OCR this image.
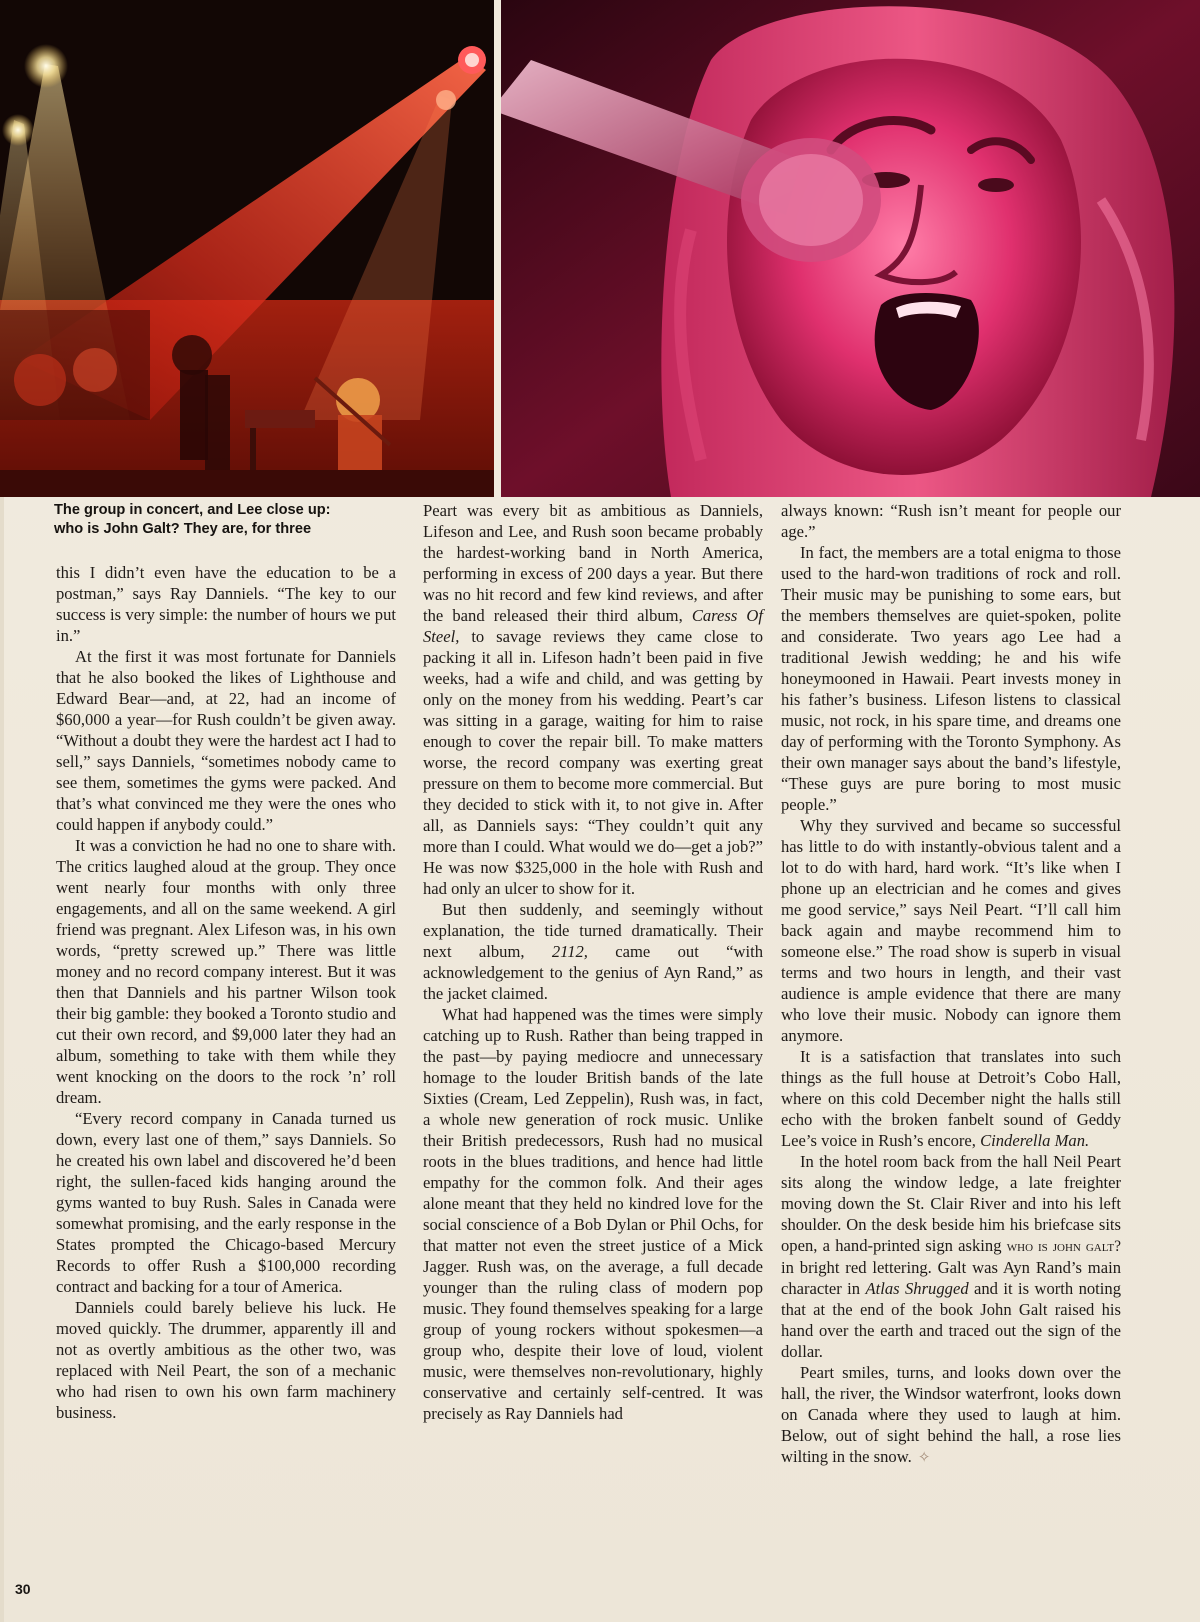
The group in concert, and Lee close up:
who is John Galt? They are, for three

this I didn’t even have the education to be a postman,” says Ray Danniels. “The key to our success is very simple: the number of hours we put in.”

At the first it was most fortunate for Danniels that he also booked the likes of Lighthouse and Edward Bear—and, at 22, had an income of $60,000 a year—for Rush couldn’t be given away. “Without a doubt they were the hardest act I had to sell,” says Danniels, “sometimes nobody came to see them, sometimes the gyms were packed. And that’s what convinced me they were the ones who could happen if anybody could.”

It was a conviction he had no one to share with. The critics laughed aloud at the group. They once went nearly four months with only three engagements, and all on the same weekend. A girl friend was pregnant. Alex Lifeson was, in his own words, “pretty screwed up.” There was little money and no record company interest. But it was then that Danniels and his partner Wilson took their big gamble: they booked a Toronto studio and cut their own record, and $9,000 later they had an album, something to take with them while they went knocking on the doors to the rock ’n’ roll dream.

“Every record company in Canada turned us down, every last one of them,” says Danniels. So he created his own label and discovered he’d been right, the sullen-faced kids hanging around the gyms wanted to buy Rush. Sales in Canada were somewhat promising, and the early response in the States prompted the Chicago-based Mercury Records to offer Rush a $100,000 recording contract and backing for a tour of America.

Danniels could barely believe his luck. He moved quickly. The drummer, apparently ill and not as overtly ambitious as the other two, was replaced with Neil Peart, the son of a mechanic who had risen to own his own farm machinery business.

Peart was every bit as ambitious as Danniels, Lifeson and Lee, and Rush soon became probably the hardest-working band in North America, performing in excess of 200 days a year. But there was no hit record and few kind reviews, and after the band released their third album, Caress Of Steel, to savage reviews they came close to packing it all in. Lifeson hadn’t been paid in five weeks, had a wife and child, and was getting by only on the money from his wedding. Peart’s car was sitting in a garage, waiting for him to raise enough to cover the repair bill. To make matters worse, the record company was exerting great pressure on them to become more commercial. But they decided to stick with it, to not give in. After all, as Danniels says: “They couldn’t quit any more than I could. What would we do—get a job?” He was now $325,000 in the hole with Rush and had only an ulcer to show for it.

But then suddenly, and seemingly without explanation, the tide turned dramatically. Their next album, 2112, came out “with acknowledgement to the genius of Ayn Rand,” as the jacket claimed.

What had happened was the times were simply catching up to Rush. Rather than being trapped in the past—by paying mediocre and unnecessary homage to the louder British bands of the late Sixties (Cream, Led Zeppelin), Rush was, in fact, a whole new generation of rock music. Unlike their British predecessors, Rush had no musical roots in the blues traditions, and hence had little empathy for the common folk. And their ages alone meant that they held no kindred love for the social conscience of a Bob Dylan or Phil Ochs, for that matter not even the street justice of a Mick Jagger. Rush was, on the average, a full decade younger than the ruling class of modern pop music. They found themselves speaking for a large group of young rockers without spokesmen—a group who, despite their love of loud, violent music, were themselves non-revolutionary, highly conservative and certainly self-centred. It was precisely as Ray Danniels had

always known: “Rush isn’t meant for people our age.”

In fact, the members are a total enigma to those used to the hard-won traditions of rock and roll. Their music may be punishing to some ears, but the members themselves are quiet-spoken, polite and considerate. Two years ago Lee had a traditional Jewish wedding; he and his wife honeymooned in Hawaii. Peart invests money in his father’s business. Lifeson listens to classical music, not rock, in his spare time, and dreams one day of performing with the Toronto Symphony. As their own manager says about the band’s lifestyle, “These guys are pure boring to most music people.”

Why they survived and became so successful has little to do with instantly-obvious talent and a lot to do with hard, hard work. “It’s like when I phone up an electrician and he comes and gives me good service,” says Neil Peart. “I’ll call him back again and maybe recommend him to someone else.” The road show is superb in visual terms and two hours in length, and their vast audience is ample evidence that there are many who love their music. Nobody can ignore them anymore.

It is a satisfaction that translates into such things as the full house at Detroit’s Cobo Hall, where on this cold December night the halls still echo with the broken fanbelt sound of Geddy Lee’s voice in Rush’s encore, Cinderella Man.

In the hotel room back from the hall Neil Peart sits along the window ledge, a late freighter moving down the St. Clair River and into his left shoulder. On the desk beside him his briefcase sits open, a hand-printed sign asking who is john galt? in bright red lettering. Galt was Ayn Rand’s main character in Atlas Shrugged and it is worth noting that at the end of the book John Galt raised his hand over the earth and traced out the sign of the dollar.

Peart smiles, turns, and looks down over the hall, the river, the Windsor waterfront, looks down on Canada where they used to laugh at him. Below, out of sight behind the hall, a rose lies wilting in the snow. ✧

30
